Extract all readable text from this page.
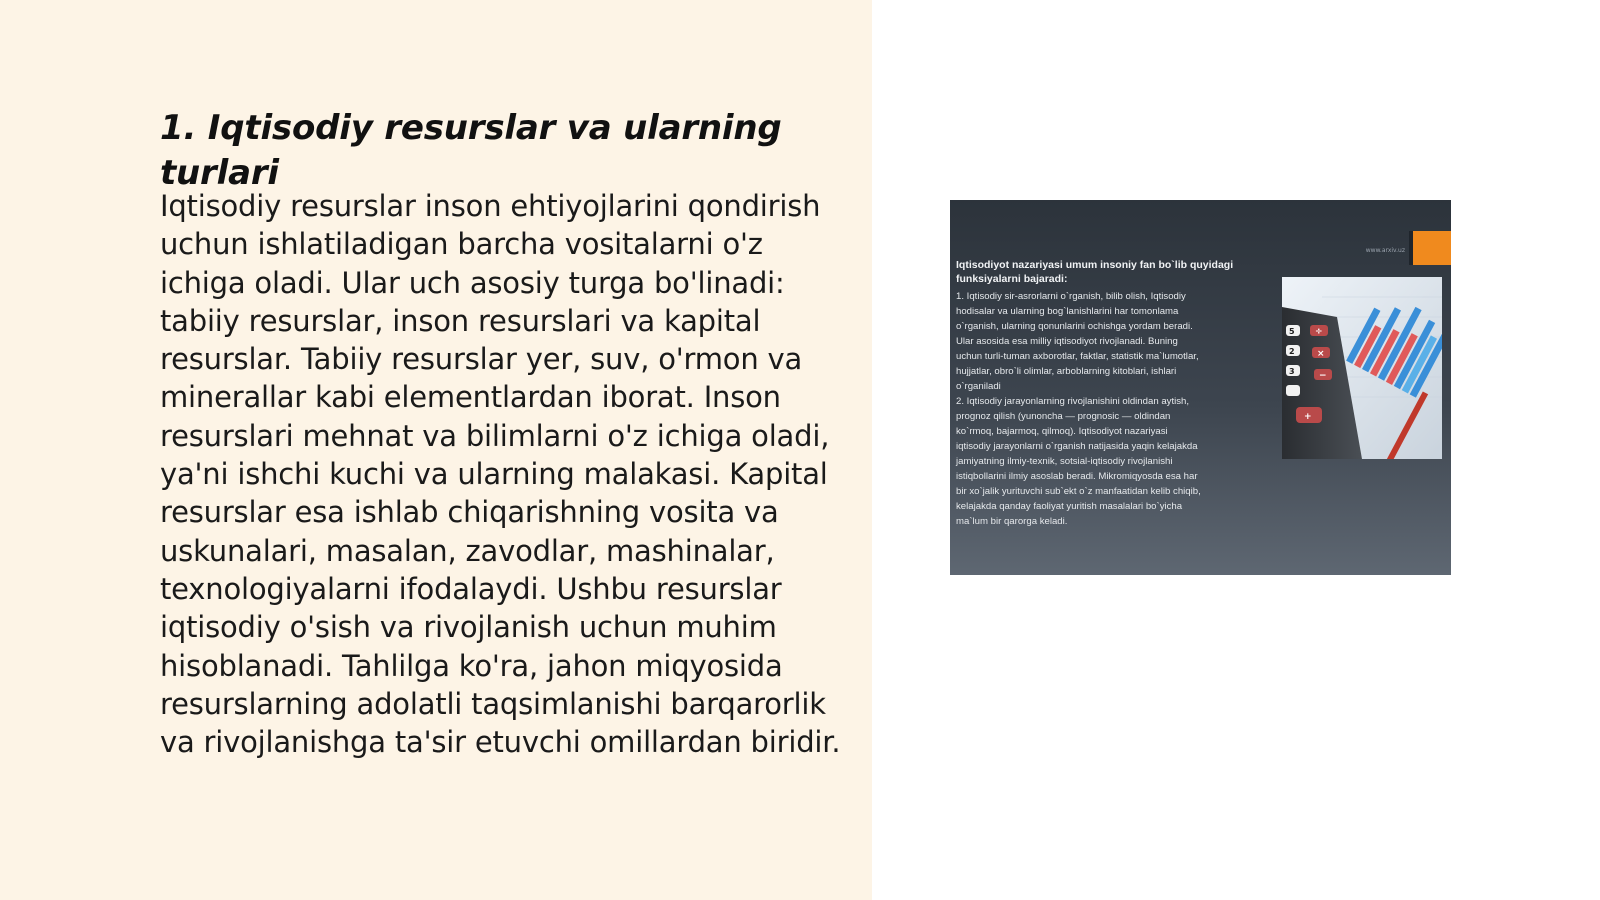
1. Iqtisodiy resurslar va ularning turlari

Iqtisodiy resurslar inson ehtiyojlarini qondirish uchun ishlatiladigan barcha vositalarni o'z ichiga oladi. Ular uch asosiy turga bo'linadi: tabiiy resurslar, inson resurslari va kapital resurslar. Tabiiy resurslar yer, suv, o'rmon va minerallar kabi elementlardan iborat. Inson resurslari mehnat va bilimlarni o'z ichiga oladi, ya'ni ishchi kuchi va ularning malakasi. Kapital resurslar esa ishlab chiqarishning vosita va uskunalari, masalan, zavodlar, mashinalar, texnologiyalarni ifodalaydi. Ushbu resurslar iqtisodiy o'sish va rivojlanish uchun muhim hisoblanadi. Tahlilga ko'ra, jahon miqyosida resurslarning adolatli taqsimlanishi barqarorlik va rivojlanishga ta'sir etuvchi omillardan biridir.

www.arxiv.uz

Iqtisodiyot nazariyasi umum insoniy fan bo`lib quyidagi funksiyalarni bajaradi:

1. Iqtisodiy sir-asrorlarni o`rganish, bilib olish, Iqtisodiy
hodisalar va ularning bog`lanishlarini har tomonlama
o`rganish, ularning qonunlarini ochishga yordam beradi.
Ular asosida esa milliy iqtisodiyot rivojlanadi. Buning
uchun turli-tuman axborotlar, faktlar, statistik ma`lumotlar,
hujjatlar, obro`li olimlar, arboblarning kitoblari, ishlari
o`rganiladi

2. Iqtisodiy jarayonlarning rivojlanishini oldindan aytish,
prognoz qilish (yunoncha — prognosic — oldindan
ko`rmoq, bajarmoq, qilmoq). Iqtisodiyot nazariyasi
iqtisodiy jarayonlarni o`rganish natijasida yaqin kelajakda
jamiyatning ilmiy-texnik, sotsial-iqtisodiy rivojlanishi
istiqbollarini ilmiy asoslab beradi. Mikromiqyosda esa har
bir xo`jalik yurituvchi sub`ekt o`z manfaatidan kelib chiqib,
kelajakda qanday faoliyat yuritish masalalari bo`yicha
ma`lum bir qarorga keladi.

5
2
3
÷
×
−
+
